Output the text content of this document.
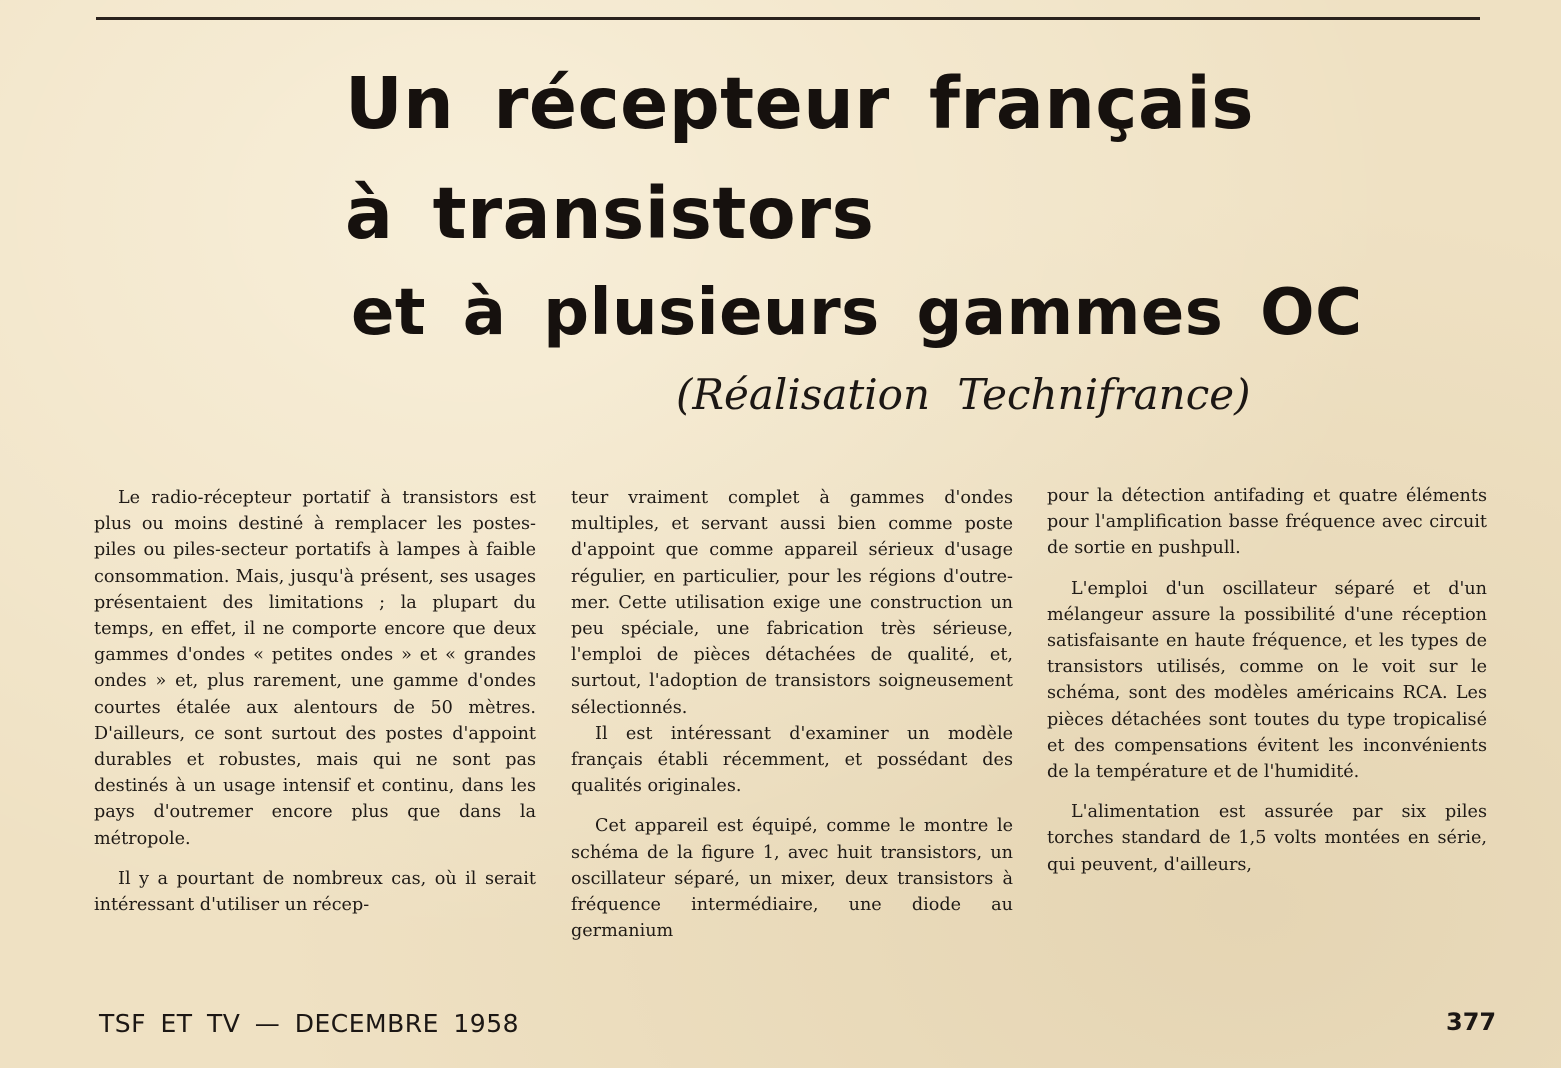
Un récepteur français
à transistors
et à plusieurs gammes OC
(Réalisation Technifrance)

Le radio-récepteur portatif à transistors est plus ou moins destiné à remplacer les postes-piles ou piles-secteur portatifs à lampes à faible consommation. Mais, jusqu'à présent, ses usages présentaient des limitations ; la plupart du temps, en effet, il ne comporte encore que deux gammes d'ondes « petites ondes » et « grandes ondes » et, plus rarement, une gamme d'ondes courtes étalée aux alentours de 50 mètres. D'ailleurs, ce sont surtout des postes d'appoint durables et robustes, mais qui ne sont pas destinés à un usage intensif et continu, dans les pays d'outremer encore plus que dans la métropole.

Il y a pourtant de nombreux cas, où il serait intéressant d'utiliser un récep-

teur vraiment complet à gammes d'ondes multiples, et servant aussi bien comme poste d'appoint que comme appareil sérieux d'usage régulier, en particulier, pour les régions d'outre-mer. Cette utilisation exige une construction un peu spéciale, une fabrication très sérieuse, l'emploi de pièces détachées de qualité, et, surtout, l'adoption de transistors soigneusement sélectionnés.

Il est intéressant d'examiner un modèle français établi récemment, et possédant des qualités originales.

Cet appareil est équipé, comme le montre le schéma de la figure 1, avec huit transistors, un oscillateur séparé, un mixer, deux transistors à fréquence intermédiaire, une diode au germanium

pour la détection antifading et quatre éléments pour l'amplification basse fréquence avec circuit de sortie en pushpull.

L'emploi d'un oscillateur séparé et d'un mélangeur assure la possibilité d'une réception satisfaisante en haute fréquence, et les types de transistors utilisés, comme on le voit sur le schéma, sont des modèles américains RCA. Les pièces détachées sont toutes du type tropicalisé et des compensations évitent les inconvénients de la température et de l'humidité.

L'alimentation est assurée par six piles torches standard de 1,5 volts montées en série, qui peuvent, d'ailleurs,

TSF ET TV — DECEMBRE 1958	377
